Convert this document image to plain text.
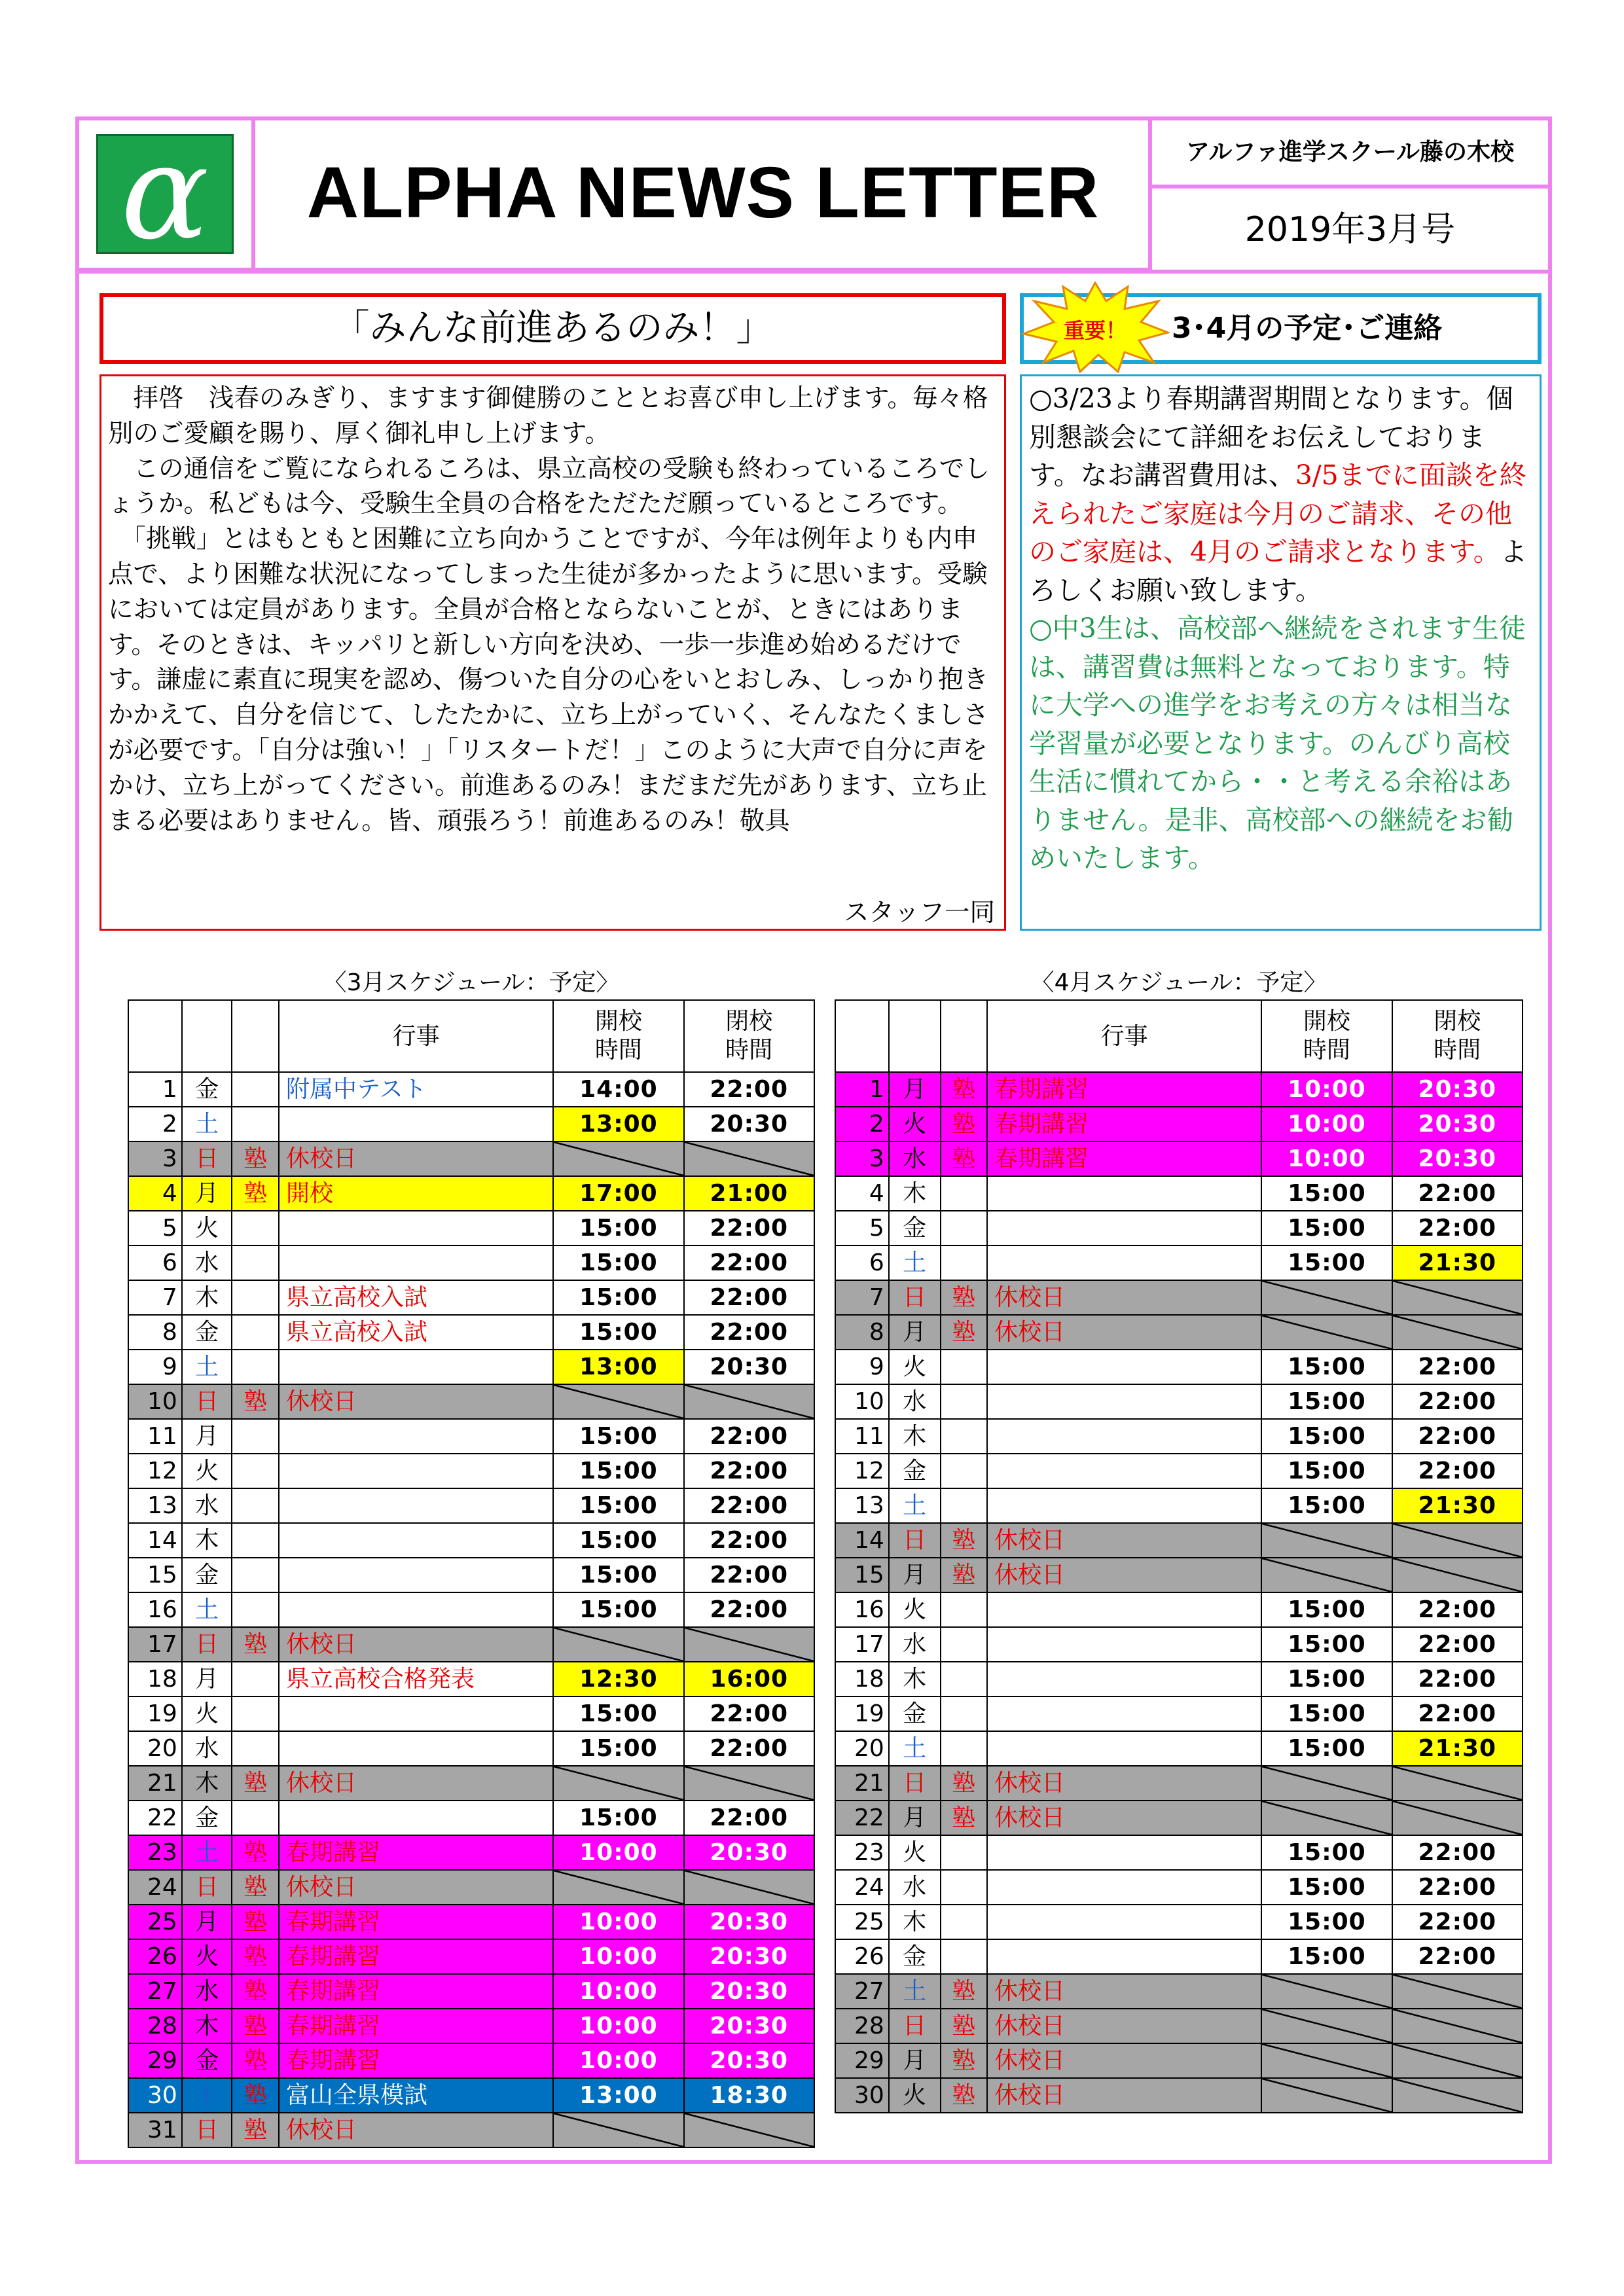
α	ALPHA NEWS LETTER
アルファ進学スクール藤の木校
2019年3月号
「みんな前進あるのみ！」

　拝啓　浅春のみぎり、ますます御健勝のこととお喜び申し上げます。毎々格別のご愛顧を賜り、厚く御礼申し上げます。

　この通信をご覧になられるころは、県立高校の受験も終わっているころでしょうか。私どもは今、受験生全員の合格をただただ願っているところです。

　「挑戦」とはもともと困難に立ち向かうことですが、今年は例年よりも内申点で、より困難な状況になってしまった生徒が多かったように思います。受験においては定員があります。全員が合格とならないことが、ときにはあります。そのときは、キッパリと新しい方向を決め、一歩一歩進め始めるだけです。謙虚に素直に現実を認め、傷ついた自分の心をいとおしみ、しっかり抱きかかえて、自分を信じて、したたかに、立ち上がっていく、そんなたくましさが必要です。「自分は強い！」「リスタートだ！」このように大声で自分に声をかけ、立ち上がってください。前進あるのみ！まだまだ先があります、立ち止まる必要はありません。皆、頑張ろう！前進あるのみ！敬具

スタッフ一同
重要！ 3･4月の予定･ご連絡

○3/23より春期講習期間となります。個別懇談会にて詳細をお伝えしております。なお講習費用は、3/5までに面談を終えられたご家庭は今月のご請求、その他のご家庭は、4月のご請求となります。よろしくお願い致します。

○中3生は、高校部へ継続をされます生徒は、講習費は無料となっております。特に大学への進学をお考えの方々は相当な学習量が必要となります。のんびり高校生活に慣れてから・・と考える余裕はありません。是非、高校部への継続をお勧めいたします。

〈3月スケジュール：予定〉
			行事	開校
時間	閉校
時間
1	金		附属中テスト	14:00	22:00
2	土			13:00	20:30
3	日	塾	休校日		
4	月	塾	開校	17:00	21:00
5	火			15:00	22:00
6	水			15:00	22:00
7	木		県立高校入試	15:00	22:00
8	金		県立高校入試	15:00	22:00
9	土			13:00	20:30
10	日	塾	休校日		
11	月			15:00	22:00
12	火			15:00	22:00
13	水			15:00	22:00
14	木			15:00	22:00
15	金			15:00	22:00
16	土			15:00	22:00
17	日	塾	休校日		
18	月		県立高校合格発表	12:30	16:00
19	火			15:00	22:00
20	水			15:00	22:00
21	木	塾	休校日		
22	金			15:00	22:00
23	土	塾	春期講習	10:00	20:30
24	日	塾	休校日		
25	月	塾	春期講習	10:00	20:30
26	火	塾	春期講習	10:00	20:30
27	水	塾	春期講習	10:00	20:30
28	木	塾	春期講習	10:00	20:30
29	金	塾	春期講習	10:00	20:30
30	土	塾	富山全県模試	13:00	18:30
31	日	塾	休校日		
〈4月スケジュール：予定〉
			行事	開校
時間	閉校
時間
1	月	塾	春期講習	10:00	20:30
2	火	塾	春期講習	10:00	20:30
3	水	塾	春期講習	10:00	20:30
4	木			15:00	22:00
5	金			15:00	22:00
6	土			15:00	21:30
7	日	塾	休校日		
8	月	塾	休校日		
9	火			15:00	22:00
10	水			15:00	22:00
11	木			15:00	22:00
12	金			15:00	22:00
13	土			15:00	21:30
14	日	塾	休校日		
15	月	塾	休校日		
16	火			15:00	22:00
17	水			15:00	22:00
18	木			15:00	22:00
19	金			15:00	22:00
20	土			15:00	21:30
21	日	塾	休校日		
22	月	塾	休校日		
23	火			15:00	22:00
24	水			15:00	22:00
25	木			15:00	22:00
26	金			15:00	22:00
27	土	塾	休校日		
28	日	塾	休校日		
29	月	塾	休校日		
30	火	塾	休校日		
